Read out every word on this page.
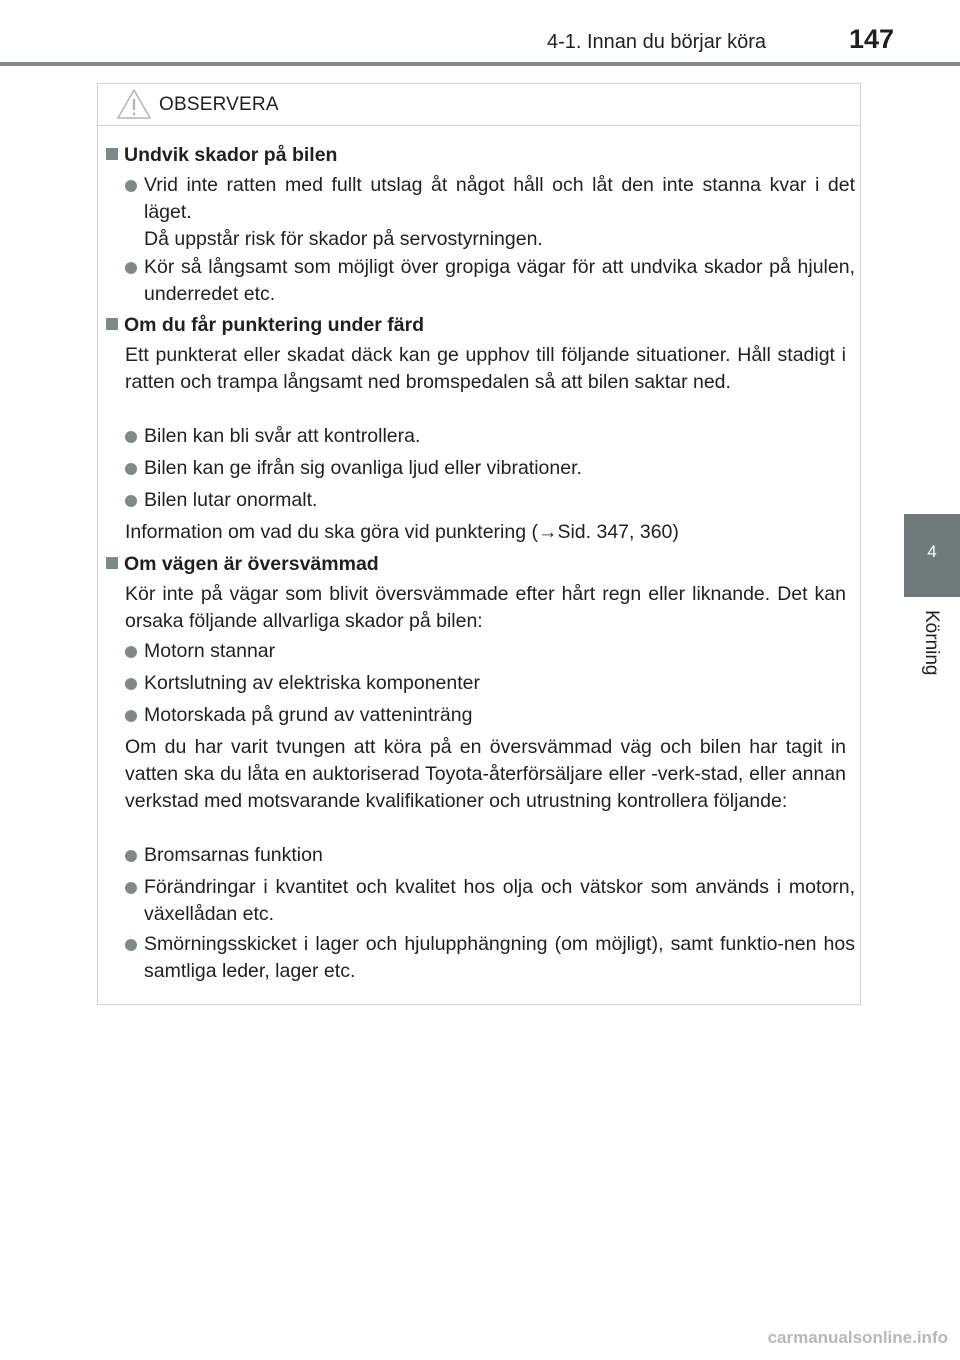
4-1. Innan du börjar köra	147
4
Körning
OBSERVERA
Undvik skador på bilen
Vrid inte ratten med fullt utslag åt något håll och låt den inte stanna kvar i det läget.
Då uppstår risk för skador på servostyrningen.
Kör så långsamt som möjligt över gropiga vägar för att undvika skador på hjulen, underredet etc.
Om du får punktering under färd
Ett punkterat eller skadat däck kan ge upphov till följande situationer. Håll stadigt i ratten och trampa långsamt ned bromspedalen så att bilen saktar ned.
Bilen kan bli svår att kontrollera.
Bilen kan ge ifrån sig ovanliga ljud eller vibrationer.
Bilen lutar onormalt.
Information om vad du ska göra vid punktering (→Sid. 347, 360)
Om vägen är översvämmad
Kör inte på vägar som blivit översvämmade efter hårt regn eller liknande. Det kan orsaka följande allvarliga skador på bilen:
Motorn stannar
Kortslutning av elektriska komponenter
Motorskada på grund av vatteninträng
Om du har varit tvungen att köra på en översvämmad väg och bilen har tagit in vatten ska du låta en auktoriserad Toyota-återförsäljare eller -verk-stad, eller annan verkstad med motsvarande kvalifikationer och utrustning kontrollera följande:
Bromsarnas funktion
Förändringar i kvantitet och kvalitet hos olja och vätskor som används i motorn, växellådan etc.
Smörningsskicket i lager och hjulupphängning (om möjligt), samt funktio-nen hos samtliga leder, lager etc.
carmanualsonline.info
